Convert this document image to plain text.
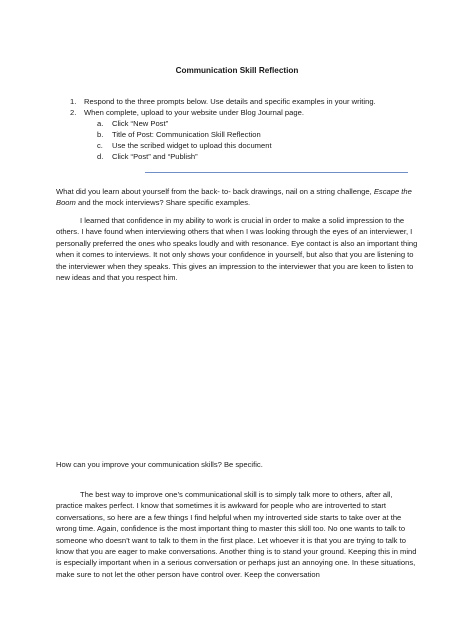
Communication Skill Reflection
1. Respond to the three prompts below. Use details and specific examples in your writing.
2. When complete, upload to your website under Blog Journal page.
a. Click “New Post”
b. Title of Post: Communication Skill Reflection
c. Use the scribed widget to upload this document
d. Click “Post” and “Publish”
What did you learn about yourself from the back- to- back drawings, nail on a string challenge, Escape the Boom and the mock interviews? Share specific examples.
I learned that confidence in my ability to work is crucial in order to make a solid impression to the others. I have found when interviewing others that when I was looking through the eyes of an interviewer, I personally preferred the ones who speaks loudly and with resonance. Eye contact is also an important thing when it comes to interviews. It not only shows your confidence in yourself, but also that you are listening to the interviewer when they speaks. This gives an impression to the interviewer that you are keen to listen to new ideas and that you respect him.
How can you improve your communication skills? Be specific.
The best way to improve one’s communicational skill is to simply talk more to others, after all, practice makes perfect. I know that sometimes it is awkward for people who are introverted to start conversations, so here are a few things I find helpful when my introverted side starts to take over at the wrong time. Again, confidence is the most important thing to master this skill too. No one wants to talk to someone who doesn’t want to talk to them in the first place. Let whoever it is that you are trying to talk to know that you are eager to make conversations. Another thing is to stand your ground. Keeping this in mind is especially important when in a serious conversation or perhaps just an annoying one. In these situations, make sure to not let the other person have control over. Keep the conversation
